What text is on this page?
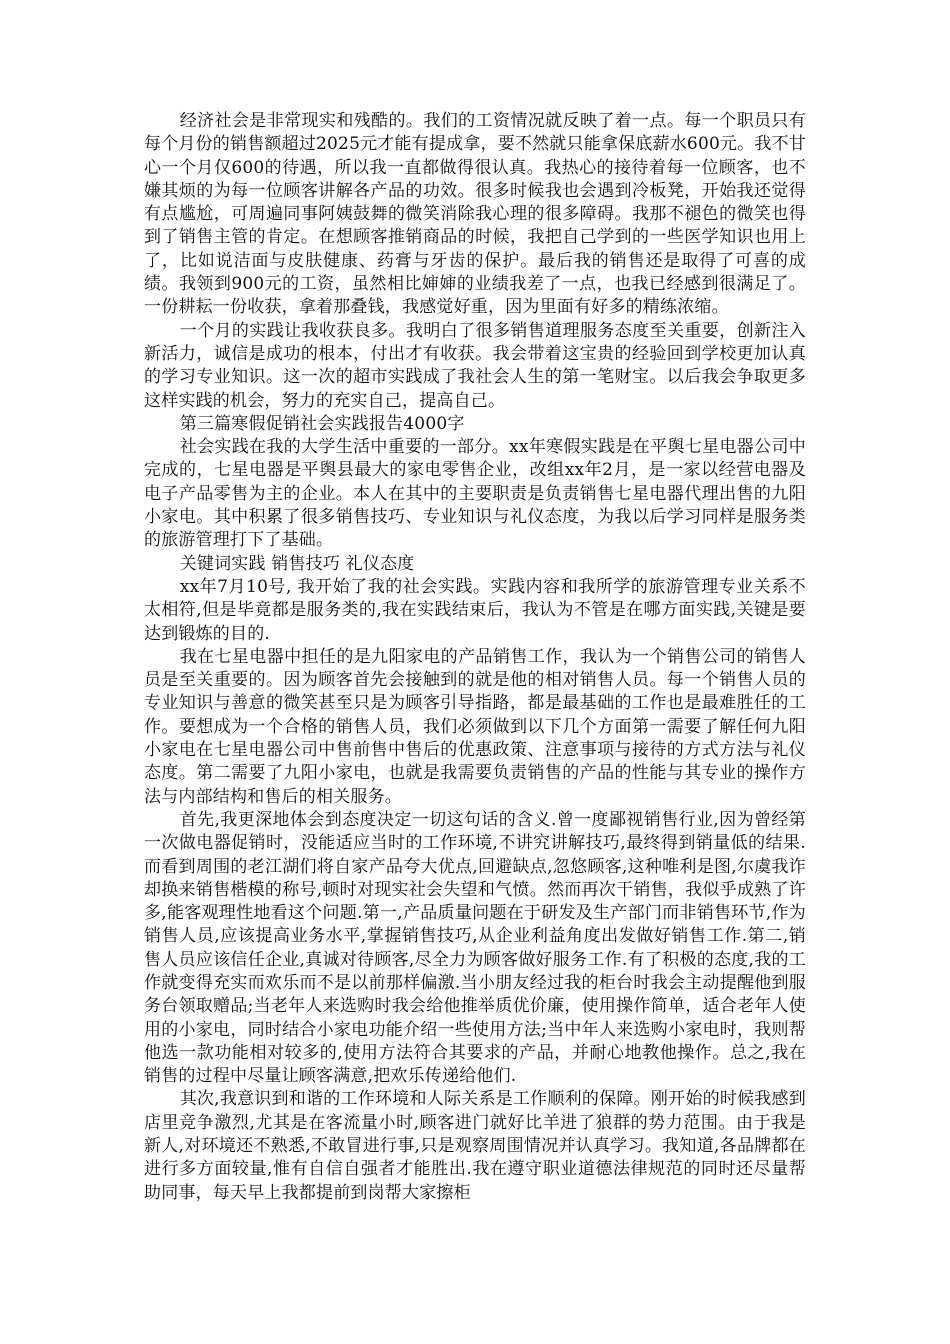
经济社会是非常现实和残酷的。我们的工资情况就反映了着一点。每一个职员只有每个月份的销售额超过2025元才能有提成拿，要不然就只能拿保底薪水600元。我不甘心一个月仅600的待遇，所以我一直都做得很认真。我热心的接待着每一位顾客，也不嫌其烦的为每一位顾客讲解各产品的功效。很多时候我也会遇到冷板凳，开始我还觉得有点尴尬，可周遍同事阿姨鼓舞的微笑消除我心理的很多障碍。我那不褪色的微笑也得到了销售主管的肯定。在想顾客推销商品的时候，我把自己学到的一些医学知识也用上了，比如说洁面与皮肤健康、药膏与牙齿的保护。最后我的销售还是取得了可喜的成绩。我领到900元的工资，虽然相比婶婶的业绩我差了一点，也我已经感到很满足了。一份耕耘一份收获，拿着那叠钱，我感觉好重，因为里面有好多的精练浓缩。

一个月的实践让我收获良多。我明白了很多销售道理服务态度至关重要，创新注入新活力，诚信是成功的根本，付出才有收获。我会带着这宝贵的经验回到学校更加认真的学习专业知识。这一次的超市实践成了我社会人生的第一笔财宝。以后我会争取更多这样实践的机会，努力的充实自己，提高自己。

第三篇寒假促销社会实践报告4000字

社会实践在我的大学生活中重要的一部分。xx年寒假实践是在平舆七星电器公司中完成的，七星电器是平舆县最大的家电零售企业，改组xx年2月，是一家以经营电器及电子产品零售为主的企业。本人在其中的主要职责是负责销售七星电器代理出售的九阳小家电。其中积累了很多销售技巧、专业知识与礼仪态度，为我以后学习同样是服务类的旅游管理打下了基础。

关键词实践 销售技巧 礼仪态度

xx年7月10号, 我开始了我的社会实践。实践内容和我所学的旅游管理专业关系不太相符,但是毕竟都是服务类的,我在实践结束后，我认为不管是在哪方面实践,关键是要达到锻炼的目的.

我在七星电器中担任的是九阳家电的产品销售工作，我认为一个销售公司的销售人员是至关重要的。因为顾客首先会接触到的就是他的相对销售人员。每一个销售人员的专业知识与善意的微笑甚至只是为顾客引导指路，都是最基础的工作也是最难胜任的工作。要想成为一个合格的销售人员，我们必须做到以下几个方面第一需要了解任何九阳小家电在七星电器公司中售前售中售后的优惠政策、注意事项与接待的方式方法与礼仪态度。第二需要了九阳小家电，也就是我需要负责销售的产品的性能与其专业的操作方法与内部结构和售后的相关服务。

首先,我更深地体会到态度决定一切这句话的含义.曾一度鄙视销售行业,因为曾经第一次做电器促销时，没能适应当时的工作环境,不讲究讲解技巧,最终得到销量低的结果.而看到周围的老江湖们将自家产品夸大优点,回避缺点,忽悠顾客,这种唯利是图,尔虞我诈却换来销售楷模的称号,顿时对现实社会失望和气愤。然而再次干销售，我似乎成熟了许多,能客观理性地看这个问题.第一,产品质量问题在于研发及生产部门而非销售环节,作为销售人员,应该提高业务水平,掌握销售技巧,从企业利益角度出发做好销售工作.第二,销售人员应该信任企业,真诚对待顾客,尽全力为顾客做好服务工作.有了积极的态度,我的工作就变得充实而欢乐而不是以前那样偏激.当小朋友经过我的柜台时我会主动提醒他到服务台领取赠品;当老年人来选购时我会给他推举质优价廉，使用操作简单，适合老年人使用的小家电，同时结合小家电功能介绍一些使用方法;当中年人来选购小家电时，我则帮他选一款功能相对较多的,使用方法符合其要求的产品，并耐心地教他操作。总之,我在销售的过程中尽量让顾客满意,把欢乐传递给他们.

其次,我意识到和谐的工作环境和人际关系是工作顺利的保障。刚开始的时候我感到店里竞争激烈,尤其是在客流量小时,顾客进门就好比羊进了狼群的势力范围。由于我是新人,对环境还不熟悉,不敢冒进行事,只是观察周围情况并认真学习。我知道,各品牌都在进行多方面较量,惟有自信自强者才能胜出.我在遵守职业道德法律规范的同时还尽量帮助同事，每天早上我都提前到岗帮大家擦柜
